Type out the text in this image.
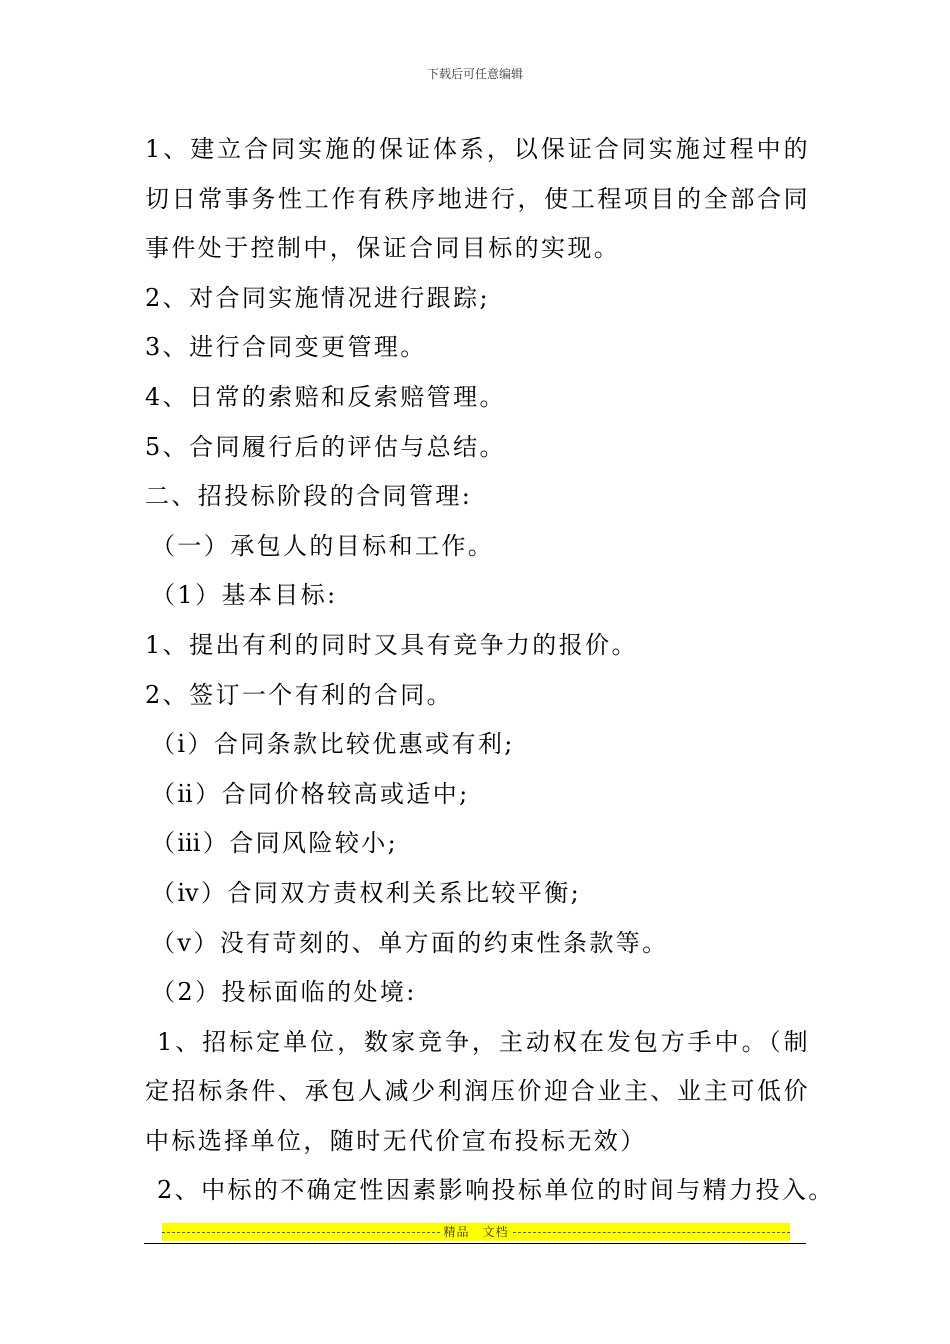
下载后可任意编辑
1、建立合同实施的保证体系，以保证合同实施过程中的
切日常事务性工作有秩序地进行，使工程项目的全部合同
事件处于控制中，保证合同目标的实现。
2、对合同实施情况进行跟踪;
3、进行合同变更管理。
4、日常的索赔和反索赔管理。
5、合同履行后的评估与总结。
二、招投标阶段的合同管理:
（一）承包人的目标和工作。
（1）基本目标:
1、提出有利的同时又具有竞争力的报价。
2、签订一个有利的合同。
（ⅰ）合同条款比较优惠或有利;
（ⅱ）合同价格较高或适中;
（ⅲ）合同风险较小;
（ⅳ）合同双方责权利关系比较平衡;
（ⅴ）没有苛刻的、单方面的约束性条款等。
（2）投标面临的处境:
1、招标定单位，数家竞争，主动权在发包方手中。（制
定招标条件、承包人减少利润压价迎合业主、业主可低价
中标选择单位，随时无代价宣布投标无效）
2、中标的不确定性因素影响投标单位的时间与精力投入。
精品　文档
